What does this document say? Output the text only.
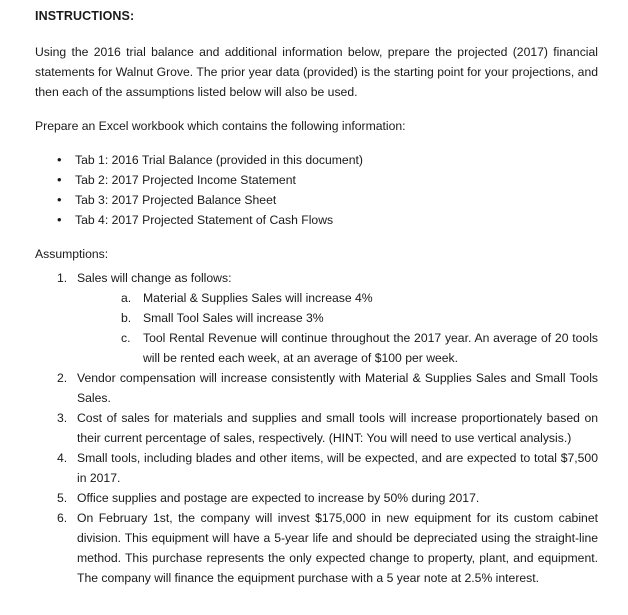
INSTRUCTIONS:

Using the 2016 trial balance and additional information below, prepare the projected (2017) financial statements for Walnut Grove. The prior year data (provided) is the starting point for your projections, and then each of the assumptions listed below will also be used.

Prepare an Excel workbook which contains the following information:

• Tab 1: 2016 Trial Balance (provided in this document)
• Tab 2: 2017 Projected Income Statement
• Tab 3: 2017 Projected Balance Sheet
• Tab 4: 2017 Projected Statement of Cash Flows
Assumptions:
1. Sales will change as follows:
a. Material & Supplies Sales will increase 4%
b. Small Tool Sales will increase 3%
c. Tool Rental Revenue will continue throughout the 2017 year. An average of 20 tools will be rented each week, at an average of $100 per week.
2. Vendor compensation will increase consistently with Material & Supplies Sales and Small Tools Sales.
3. Cost of sales for materials and supplies and small tools will increase proportionately based on their current percentage of sales, respectively. (HINT: You will need to use vertical analysis.)
4. Small tools, including blades and other items, will be expected, and are expected to total $7,500 in 2017.
5. Office supplies and postage are expected to increase by 50% during 2017.
6. On February 1st, the company will invest $175,000 in new equipment for its custom cabinet division. This equipment will have a 5-year life and should be depreciated using the straight-line method. This purchase represents the only expected change to property, plant, and equipment. The company will finance the equipment purchase with a 5 year note at 2.5% interest.
